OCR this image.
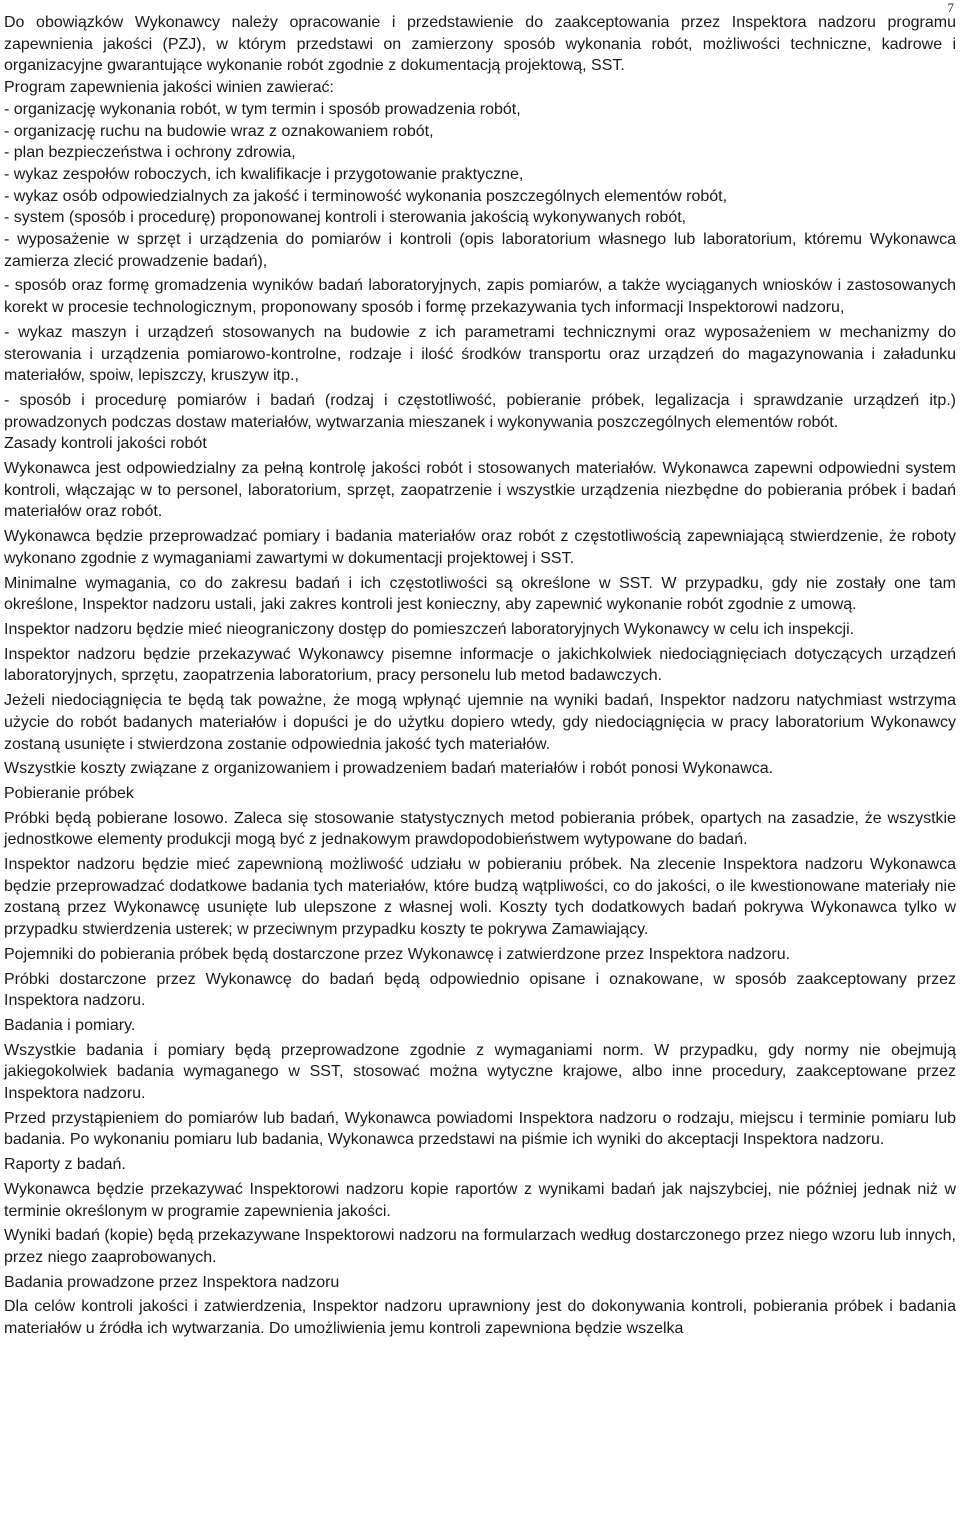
7

Do obowiązków Wykonawcy należy opracowanie i przedstawienie do zaakceptowania przez Inspektora nadzoru programu zapewnienia jakości (PZJ), w którym przedstawi on zamierzony sposób wykonania robót, możliwości techniczne, kadrowe i organizacyjne gwarantujące wykonanie robót zgodnie z dokumentacją projektową, SST.

Program zapewnienia jakości winien zawierać:

- organizację wykonania robót, w tym termin i sposób prowadzenia robót,

- organizację ruchu na budowie wraz z oznakowaniem robót,

- plan bezpieczeństwa i ochrony zdrowia,

- wykaz zespołów roboczych, ich kwalifikacje i przygotowanie praktyczne,

- wykaz osób odpowiedzialnych za jakość i terminowość wykonania poszczególnych elementów robót,

- system (sposób i procedurę) proponowanej kontroli i sterowania jakością wykonywanych robót,

- wyposażenie w sprzęt i urządzenia do pomiarów i kontroli (opis laboratorium własnego lub laboratorium, któremu Wykonawca zamierza zlecić prowadzenie badań),

- sposób oraz formę gromadzenia wyników badań laboratoryjnych, zapis pomiarów, a także wyciąganych wniosków i zastosowanych korekt w procesie technologicznym, proponowany sposób i formę przekazywania tych informacji Inspektorowi nadzoru,

- wykaz maszyn i urządzeń stosowanych na budowie z ich parametrami technicznymi oraz wyposażeniem w mechanizmy do sterowania i urządzenia pomiarowo-kontrolne, rodzaje i ilość środków transportu oraz urządzeń do magazynowania i załadunku materiałów, spoiw, lepiszczy, kruszyw itp.,

- sposób i procedurę pomiarów i badań (rodzaj i częstotliwość, pobieranie próbek, legalizacja i sprawdzanie urządzeń itp.) prowadzonych podczas dostaw materiałów, wytwarzania mieszanek i wykonywania poszczególnych elementów robót.

Zasady kontroli jakości robót

Wykonawca jest odpowiedzialny za pełną kontrolę jakości robót i stosowanych materiałów. Wykonawca zapewni odpowiedni system kontroli, włączając w to personel, laboratorium, sprzęt, zaopatrzenie i wszystkie urządzenia niezbędne do pobierania próbek i badań materiałów oraz robót.

Wykonawca będzie przeprowadzać pomiary i badania materiałów oraz robót z częstotliwością zapewniającą stwierdzenie, że roboty wykonano zgodnie z wymaganiami zawartymi w dokumentacji projektowej i SST.

Minimalne wymagania, co do zakresu badań i ich częstotliwości są określone w SST. W przypadku, gdy nie zostały one tam określone, Inspektor nadzoru ustali, jaki zakres kontroli jest konieczny, aby zapewnić wykonanie robót zgodnie z umową.

Inspektor nadzoru będzie mieć nieograniczony dostęp do pomieszczeń laboratoryjnych Wykonawcy w celu ich inspekcji.

Inspektor nadzoru będzie przekazywać Wykonawcy pisemne informacje o jakichkolwiek niedociągnięciach dotyczących urządzeń laboratoryjnych, sprzętu, zaopatrzenia laboratorium, pracy personelu lub metod badawczych.

Jeżeli niedociągnięcia te będą tak poważne, że mogą wpłynąć ujemnie na wyniki badań, Inspektor nadzoru natychmiast wstrzyma użycie do robót badanych materiałów i dopuści je do użytku dopiero wtedy, gdy niedociągnięcia w pracy laboratorium Wykonawcy zostaną usunięte i stwierdzona zostanie odpowiednia jakość tych materiałów.

Wszystkie koszty związane z organizowaniem i prowadzeniem badań materiałów i robót ponosi Wykonawca.

Pobieranie próbek

Próbki będą pobierane losowo. Zaleca się stosowanie statystycznych metod pobierania próbek, opartych na zasadzie, że wszystkie jednostkowe elementy produkcji mogą być z jednakowym prawdopodobieństwem wytypowane do badań.

Inspektor nadzoru będzie mieć zapewnioną możliwość udziału w pobieraniu próbek. Na zlecenie Inspektora nadzoru Wykonawca będzie przeprowadzać dodatkowe badania tych materiałów, które budzą wątpliwości, co do jakości, o ile kwestionowane materiały nie zostaną przez Wykonawcę usunięte lub ulepszone z własnej woli. Koszty tych dodatkowych badań pokrywa Wykonawca tylko w przypadku stwierdzenia usterek; w przeciwnym przypadku koszty te pokrywa Zamawiający.

Pojemniki do pobierania próbek będą dostarczone przez Wykonawcę i zatwierdzone przez Inspektora nadzoru.

Próbki dostarczone przez Wykonawcę do badań będą odpowiednio opisane i oznakowane, w sposób zaakceptowany przez Inspektora nadzoru.

Badania i pomiary.

Wszystkie badania i pomiary będą przeprowadzone zgodnie z wymaganiami norm. W przypadku, gdy normy nie obejmują jakiegokolwiek badania wymaganego w SST, stosować można wytyczne krajowe, albo inne procedury, zaakceptowane przez Inspektora nadzoru.

Przed przystąpieniem do pomiarów lub badań, Wykonawca powiadomi Inspektora nadzoru o rodzaju, miejscu i terminie pomiaru lub badania. Po wykonaniu pomiaru lub badania, Wykonawca przedstawi na piśmie ich wyniki do akceptacji Inspektora nadzoru.

Raporty z badań.

Wykonawca będzie przekazywać Inspektorowi nadzoru kopie raportów z wynikami badań jak najszybciej, nie później jednak niż w terminie określonym w programie zapewnienia jakości.

Wyniki badań (kopie) będą przekazywane Inspektorowi nadzoru na formularzach według dostarczonego przez niego wzoru lub innych, przez niego zaaprobowanych.

Badania prowadzone przez Inspektora nadzoru

Dla celów kontroli jakości i zatwierdzenia, Inspektor nadzoru uprawniony jest do dokonywania kontroli, pobierania próbek i badania materiałów u źródła ich wytwarzania. Do umożliwienia jemu kontroli zapewniona będzie wszelka
